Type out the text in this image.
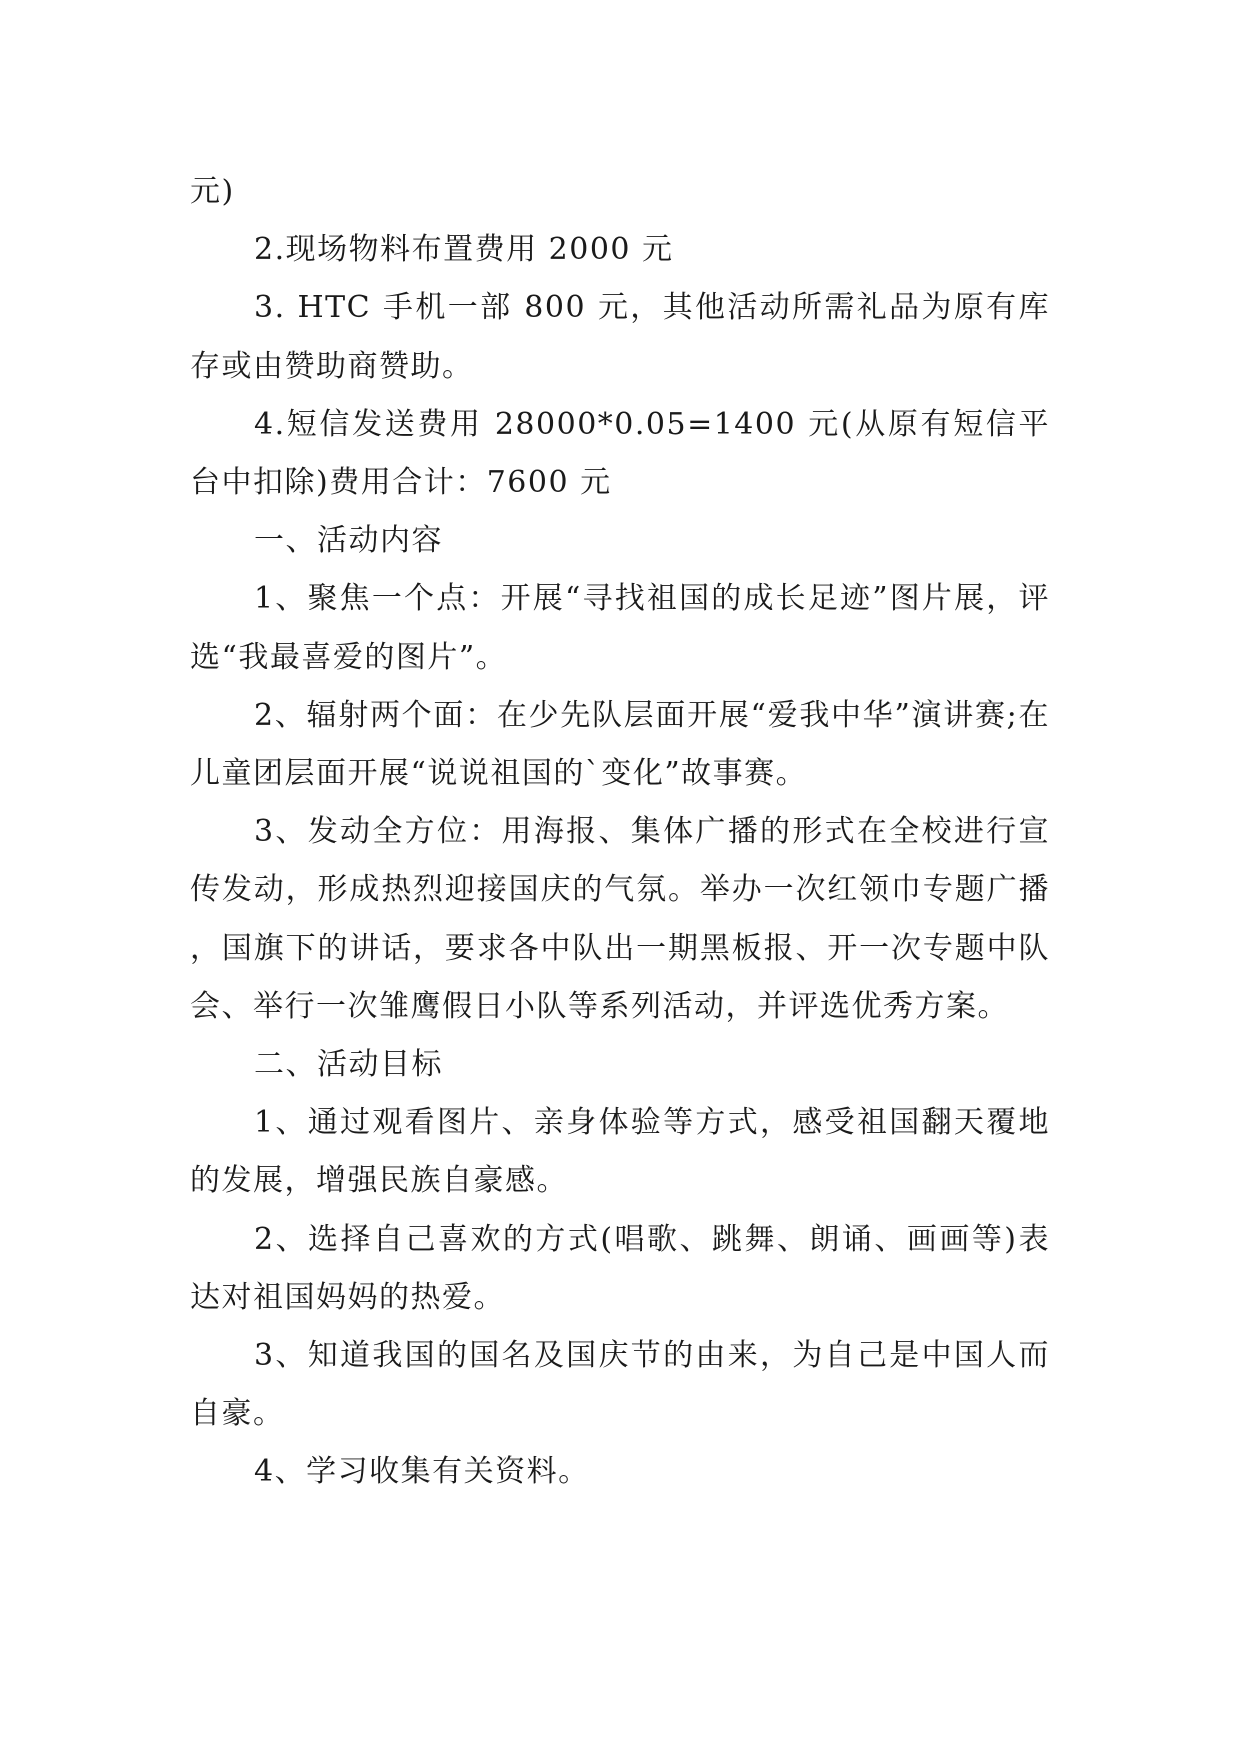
元)

2.现场物料布置费用 2000 元

3. HTC 手机一部 800 元，其他活动所需礼品为原有库存或由赞助商赞助。

4.短信发送费用 28000*0.05=1400 元(从原有短信平台中扣除)费用合计：7600 元

一、活动内容

1、聚焦一个点：开展“寻找祖国的成长足迹”图片展，评选“我最喜爱的图片”。

2、辐射两个面：在少先队层面开展“爱我中华”演讲赛;在儿童团层面开展“说说祖国的`变化”故事赛。

3、发动全方位：用海报、集体广播的形式在全校进行宣传发动，形成热烈迎接国庆的气氛。举办一次红领巾专题广播，国旗下的讲话，要求各中队出一期黑板报、开一次专题中队会、举行一次雏鹰假日小队等系列活动，并评选优秀方案。

二、活动目标

1、通过观看图片、亲身体验等方式，感受祖国翻天覆地的发展，增强民族自豪感。

2、选择自己喜欢的方式(唱歌、跳舞、朗诵、画画等)表达对祖国妈妈的热爱。

3、知道我国的国名及国庆节的由来，为自己是中国人而自豪。

4、学习收集有关资料。
